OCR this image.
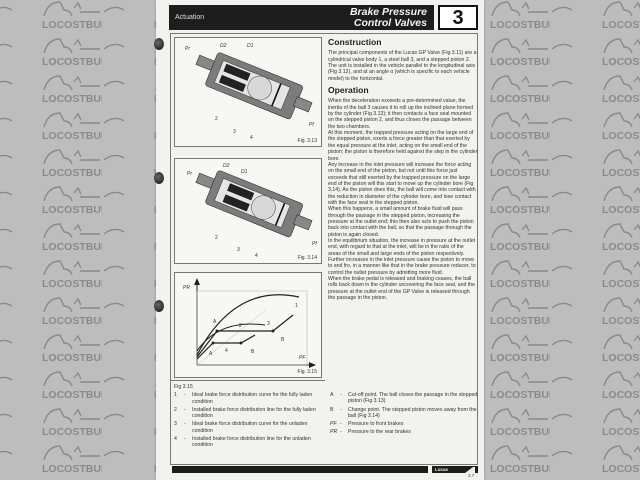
Actuation	Brake Pressure
Control Valves	3
Pr	D2	D1
2
3
4
Pf
Fig. 3.13
Pr
D2
D1
2
3
4
Pf
Fig. 3.14
PR
PF
1
2	3
4
A
A
B
B
Fig. 3.15
Construction

The principal components of the Lucas GP Valve (Fig 3.11) are a cylindrical valve body 1, a steel ball 3, and a stepped piston 2.

The unit is installed in the vehicle parallel to the longitudinal axis (Fig 3.12), and at an angle α (which is specific to each vehicle model) to the horizontal.

Operation

When the deceleration exceeds a pre-determined value, the inertia of the ball 3 causes it to roll up the inclined plane formed by the cylinder (Fig 3.13); it then contacts a face seal mounted on the stepped piston 2, and thus closes the passage between the two chambers.

At this moment, the trapped pressure acting on the large end of the stepped piston, exerts a force greater than that exerted by the equal pressure at the inlet, acting on the small end of the piston; the piston is therefore held against the step in the cylinder bore.

Any increase in the inlet pressure will increase the force acting on the small end of the piston, but not until this force just exceeds that still exerted by the trapped pressure on the large end of the piston will this start to move up the cylinder bore (Fig 3.14). As the piston does this, the ball will come into contact with the reduction in diameter of the cylinder bore, and lose contact with the face seal in the stepped piston.

When this happens, a small amount of brake fluid will pass through the passage in the stepped piston, increasing the pressure at the outlet end; this then also acts to push the piston back into contact with the ball, so that the passage through the piston is again closed.

In the equilibrium situation, the increase in pressure at the outlet end, with regard to that at the inlet, will be in the ratio of the areas of the small and large ends of the piston respectively.

Further increases in the inlet pressure cause the piston to move to and fro, in a manner like that in the brake pressure reducer, to control the outlet pressure by admitting more fluid.

When the brake pedal is released and braking ceases, the ball rolls back down in the cylinder uncovering the face seal, and the pressure at the outlet end of the GP Valve is released through the passage in the piston.

Fig 3.15
1	-	Ideal brake force distribution curve for the fully laden condition
2	-	Installed brake force distribution line for the fully laden condition
3	-	Ideal brake force distribution curve for the unladen condition
4	-	Installed brake force distribution line for the unladen condition
A	-	Cut-off point. The ball closes the passage in the stepped piston (Fig 3.13)
B	-	Change point. The stepped piston moves away from the ball (Fig 3.14)
PF -	Pressure to front brakes
PR -	Pressure to the rear brakes
Lucas
3.7
